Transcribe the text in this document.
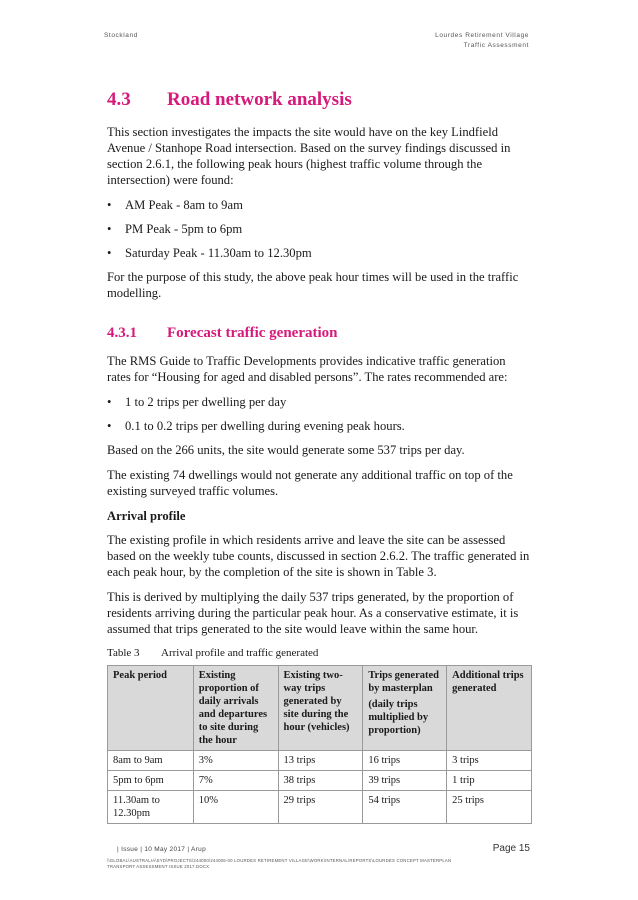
Stockland	Lourdes Retirement Village
Traffic Assessment
4.3 Road network analysis

This section investigates the impacts the site would have on the key Lindfield Avenue / Stanhope Road intersection. Based on the survey findings discussed in section 2.6.1, the following peak hours (highest traffic volume through the intersection) were found:

• AM Peak - 8am to 9am
• PM Peak - 5pm to 6pm
• Saturday Peak - 11.30am to 12.30pm

For the purpose of this study, the above peak hour times will be used in the traffic modelling.

4.3.1 Forecast traffic generation

The RMS Guide to Traffic Developments provides indicative traffic generation rates for “Housing for aged and disabled persons”. The rates recommended are:

• 1 to 2 trips per dwelling per day
• 0.1 to 0.2 trips per dwelling during evening peak hours.

Based on the 266 units, the site would generate some 537 trips per day.

The existing 74 dwellings would not generate any additional traffic on top of the existing surveyed traffic volumes.

Arrival profile

The existing profile in which residents arrive and leave the site can be assessed based on the weekly tube counts, discussed in section 2.6.2. The traffic generated in each peak hour, by the completion of the site is shown in Table 3.

This is derived by multiplying the daily 537 trips generated, by the proportion of residents arriving during the particular peak hour. As a conservative estimate, it is assumed that trips generated to the site would leave within the same hour.

Table 3 Arrival profile and traffic generated
Peak period	Existing proportion of daily arrivals and departures to site during the hour	Existing two-way trips generated by site during the hour (vehicles)	Trips generated by masterplan
(daily trips multiplied by proportion)	Additional trips generated
8am to 9am	3%	13 trips	16 trips	3 trips
5pm to 6pm	7%	38 trips	39 trips	1 trip
11.30am to 12.30pm	10%	29 trips	54 trips	25 trips
| Issue | 10 May 2017 | Arup
\\GLOBAL\AUSTRALIA\SYD\PROJECTS\244000\244006-00 LOURDES RETIREMENT VILLAGE\WORK\INTERNAL\REPORTS\LOURDES CONCEPT MASTERPLAN TRANSPORT ASSESSMENT ISSUE 2017.DOCX
Page 15
